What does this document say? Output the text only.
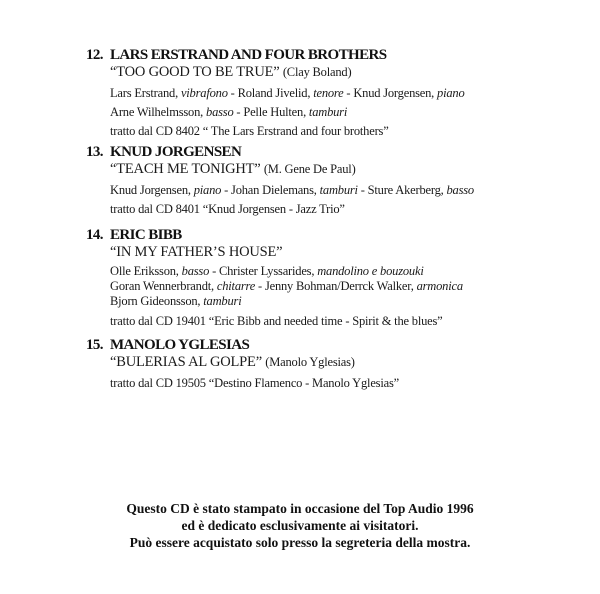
12. LARS ERSTRAND AND FOUR BROTHERS
“TOO GOOD TO BE TRUE” (Clay Boland)
Lars Erstrand, vibrafono - Roland Jivelid, tenore - Knud Jorgensen, piano
Arne Wilhelmsson, basso - Pelle Hulten, tamburi
tratto dal CD 8402 “ The Lars Erstrand and four brothers”
13. KNUD JORGENSEN
“TEACH ME TONIGHT” (M. Gene De Paul)
Knud Jorgensen, piano - Johan Dielemans, tamburi - Sture Akerberg, basso
tratto dal CD 8401 “Knud Jorgensen - Jazz Trio”
14. ERIC BIBB
“IN MY FATHER’S HOUSE”
Olle Eriksson, basso - Christer Lyssarides, mandolino e bouzouki
Goran Wennerbrandt, chitarre - Jenny Bohman/Derrck Walker, armonica
Bjorn Gideonsson, tamburi
tratto dal CD 19401 “Eric Bibb and needed time - Spirit & the blues”
15. MANOLO YGLESIAS
“BULERIAS AL GOLPE” (Manolo Yglesias)
tratto dal CD 19505 “Destino Flamenco - Manolo Yglesias”
Questo CD è stato stampato in occasione del Top Audio 1996
ed è dedicato esclusivamente ai visitatori.
Può essere acquistato solo presso la segreteria della mostra.
